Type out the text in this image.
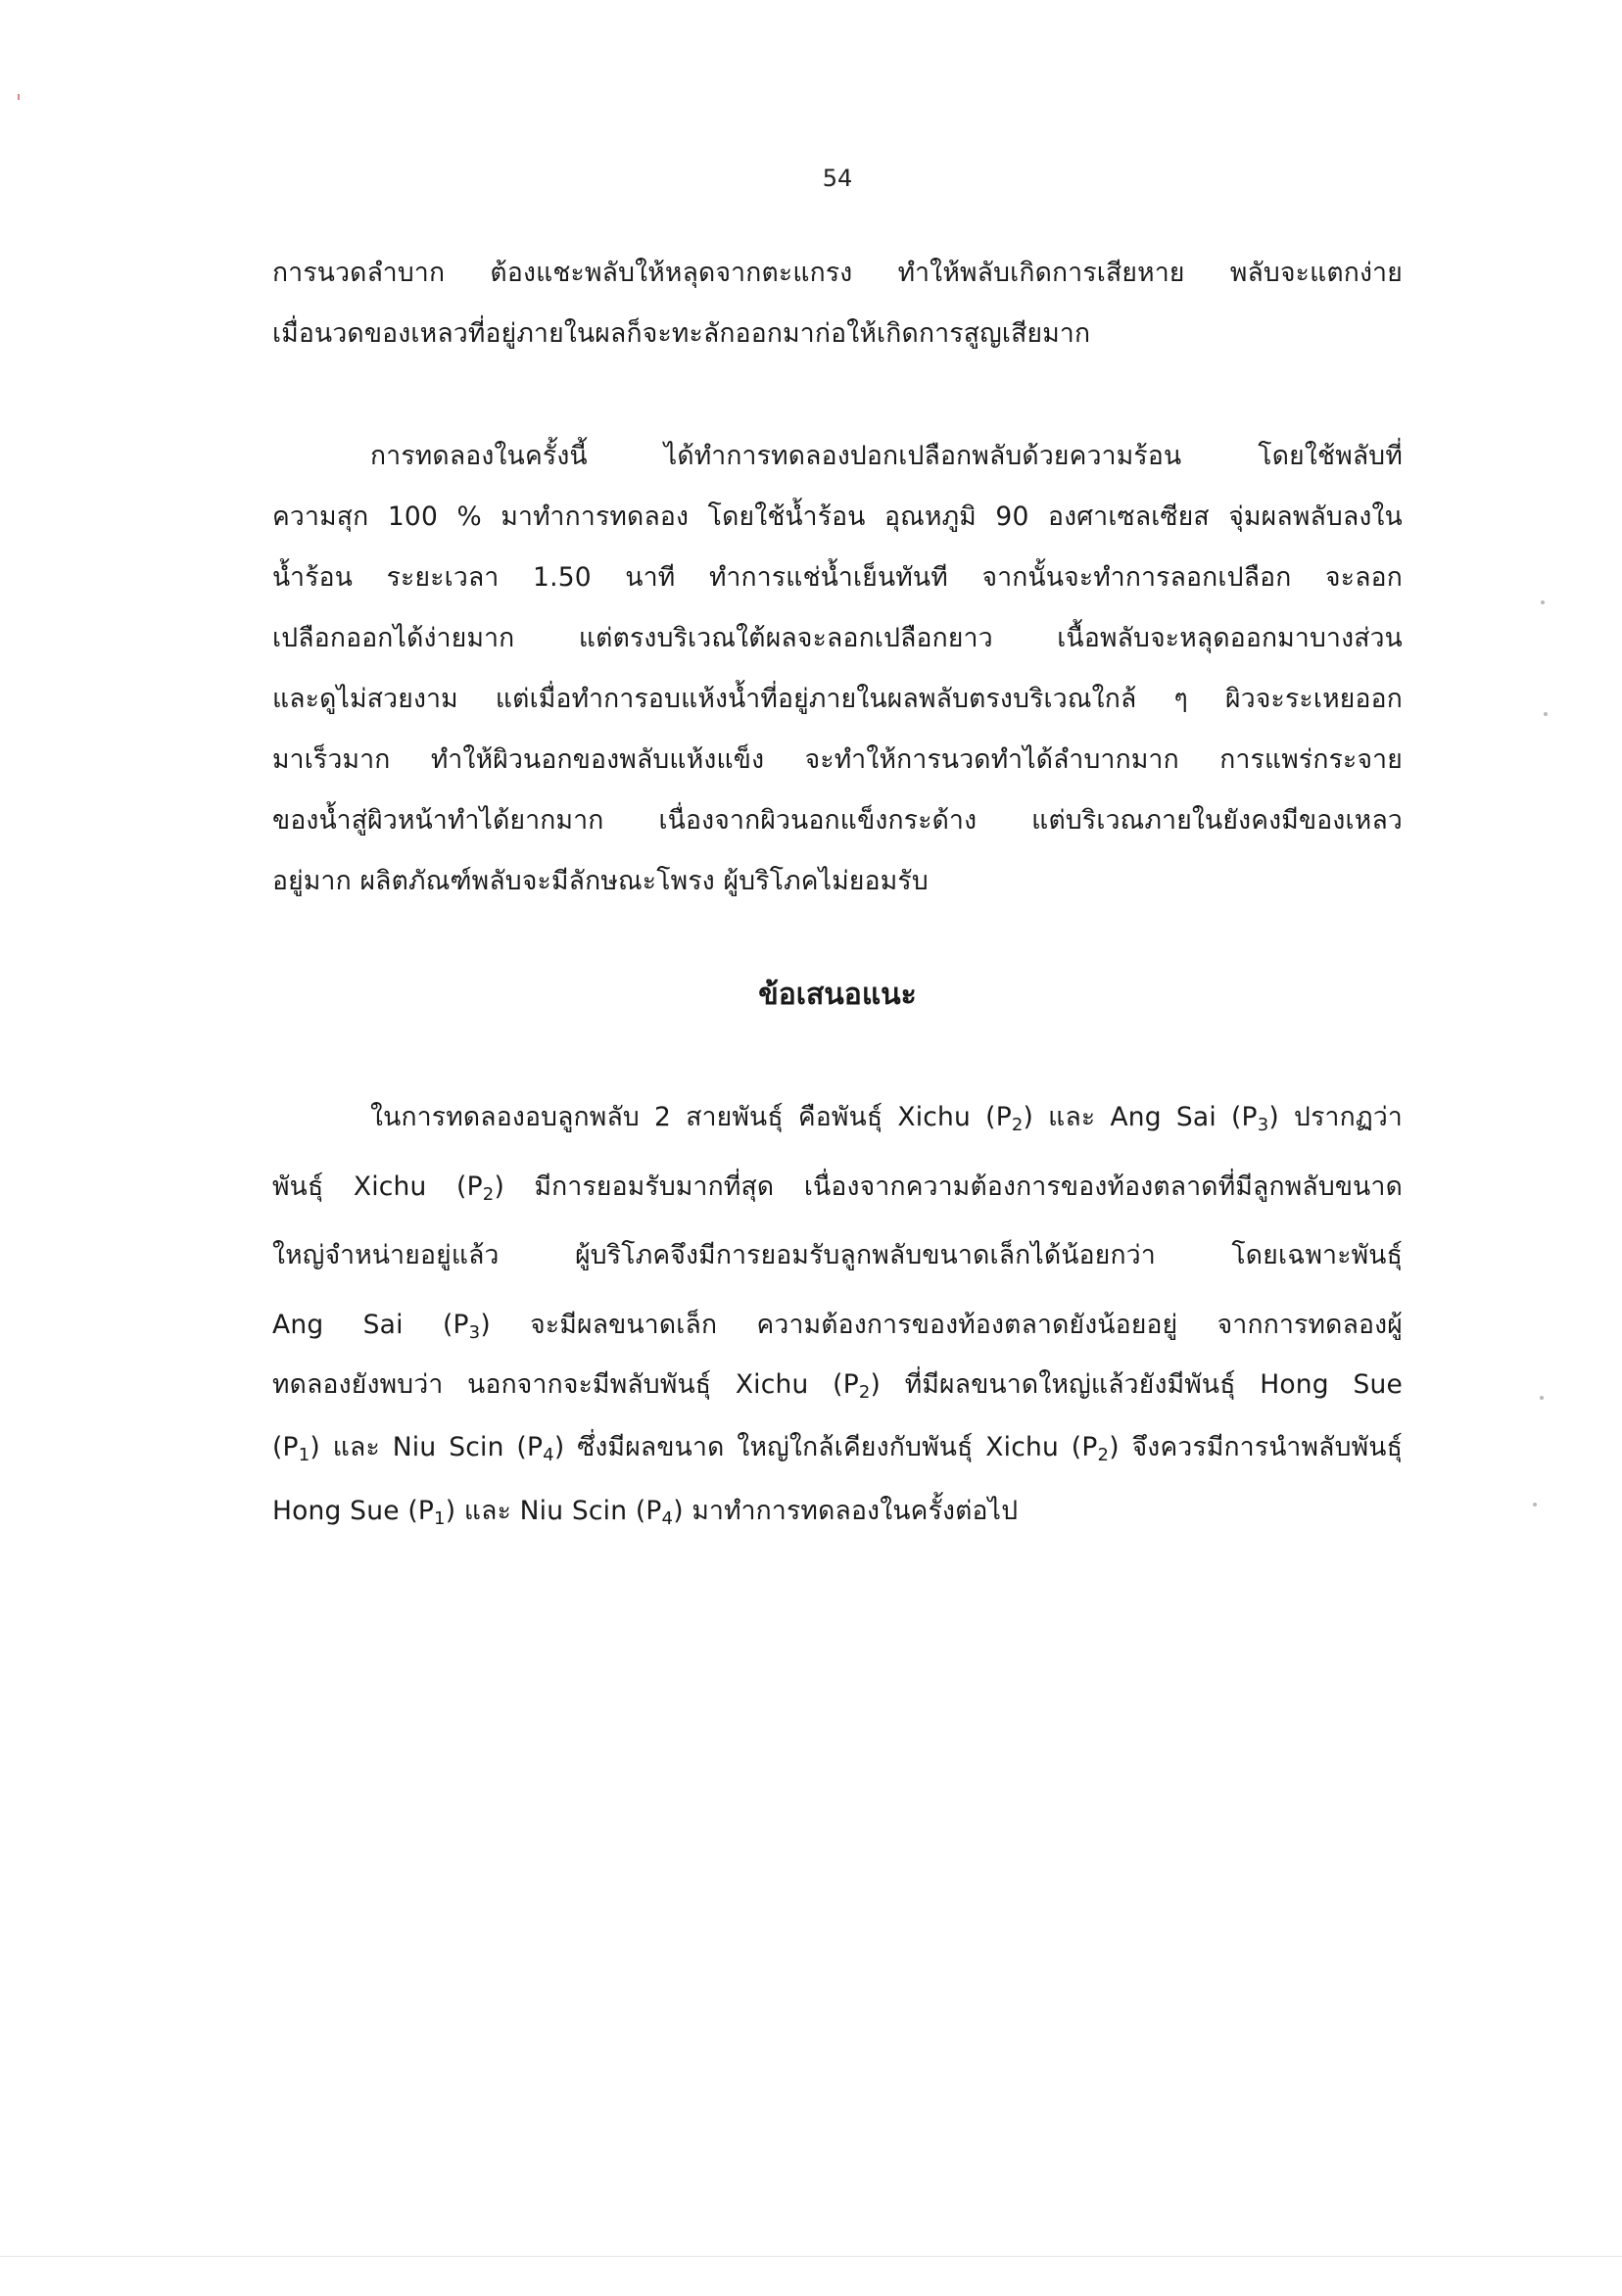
54
การนวดลำบาก ต้องแชะพลับให้หลุดจากตะแกรง ทำให้พลับเกิดการเสียหาย พลับจะแตกง่าย
เมื่อนวดของเหลวที่อยู่ภายในผลก็จะทะลักออกมาก่อให้เกิดการสูญเสียมาก
การทดลองในครั้งนี้ ได้ทำการทดลองปอกเปลือกพลับด้วยความร้อน โดยใช้พลับที่
ความสุก 100 % มาทำการทดลอง โดยใช้น้ำร้อน อุณหภูมิ 90 องศาเซลเซียส จุ่มผลพลับลงใน
น้ำร้อน ระยะเวลา 1.50 นาที ทำการแช่น้ำเย็นทันที จากนั้นจะทำการลอกเปลือก จะลอก
เปลือกออกได้ง่ายมาก แต่ตรงบริเวณใต้ผลจะลอกเปลือกยาว เนื้อพลับจะหลุดออกมาบางส่วน
และดูไม่สวยงาม แต่เมื่อทำการอบแห้งน้ำที่อยู่ภายในผลพลับตรงบริเวณใกล้ ๆ ผิวจะระเหยออก
มาเร็วมาก ทำให้ผิวนอกของพลับแห้งแข็ง จะทำให้การนวดทำได้ลำบากมาก การแพร่กระจาย
ของน้ำสู่ผิวหน้าทำได้ยากมาก เนื่องจากผิวนอกแข็งกระด้าง แต่บริเวณภายในยังคงมีของเหลว
อยู่มาก ผลิตภัณฑ์พลับจะมีลักษณะโพรง ผู้บริโภคไม่ยอมรับ
ข้อเสนอแนะ
ในการทดลองอบลูกพลับ 2 สายพันธุ์ คือพันธุ์ Xichu $(P_2)$ และ Ang Sai $(P_3)$ ปรากฏว่า
พันธุ์ Xichu $(P_2)$ มีการยอมรับมากที่สุด เนื่องจากความต้องการของท้องตลาดที่มีลูกพลับขนาด
ใหญ่จำหน่ายอยู่แล้ว ผู้บริโภคจึงมีการยอมรับลูกพลับขนาดเล็กได้น้อยกว่า โดยเฉพาะพันธุ์
Ang Sai $(P_3)$ จะมีผลขนาดเล็ก ความต้องการของท้องตลาดยังน้อยอยู่ จากการทดลองผู้
ทดลองยังพบว่า นอกจากจะมีพลับพันธุ์ Xichu $(P_2)$ ที่มีผลขนาดใหญ่แล้วยังมีพันธุ์ Hong Sue
$(P_1)$ และ Niu Scin $(P_4)$ ซึ่งมีผลขนาด ใหญ่ใกล้เคียงกับพันธุ์ Xichu $(P_2)$ จึงควรมีการนำพลับพันธุ์
Hong Sue $(P_1)$ และ Niu Scin $(P_4)$ มาทำการทดลองในครั้งต่อไป
